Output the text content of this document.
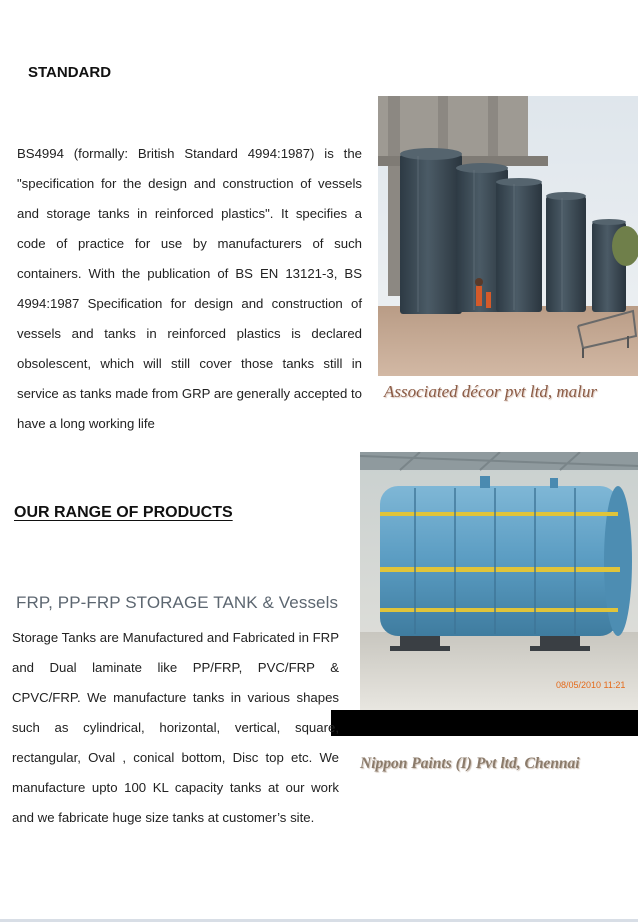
STANDARD
BS4994 (formally: British Standard 4994:1987) is the "specification for the design and construction of vessels and storage tanks in reinforced plastics". It specifies a code of practice for use by manufacturers of such containers. With the publication of BS EN 13121-3, BS 4994:1987 Specification for design and construction of vessels and tanks in reinforced plastics is declared obsolescent, which will still cover those tanks still in service as tanks made from GRP are generally accepted to have a long working life
Associated décor pvt ltd, malur
OUR RANGE OF PRODUCTS
08/05/2010 11:21
Nippon Paints (I) Pvt ltd, Chennai
FRP, PP-FRP STORAGE TANK & Vessels
Storage Tanks are Manufactured and Fabricated in FRP and Dual laminate like PP/FRP, PVC/FRP & CPVC/FRP. We manufacture tanks in various shapes such as cylindrical, horizontal, vertical, square, rectangular, Oval , conical bottom, Disc top etc. We manufacture upto 100 KL capacity tanks at our work and we fabricate huge size tanks at customer’s site.
